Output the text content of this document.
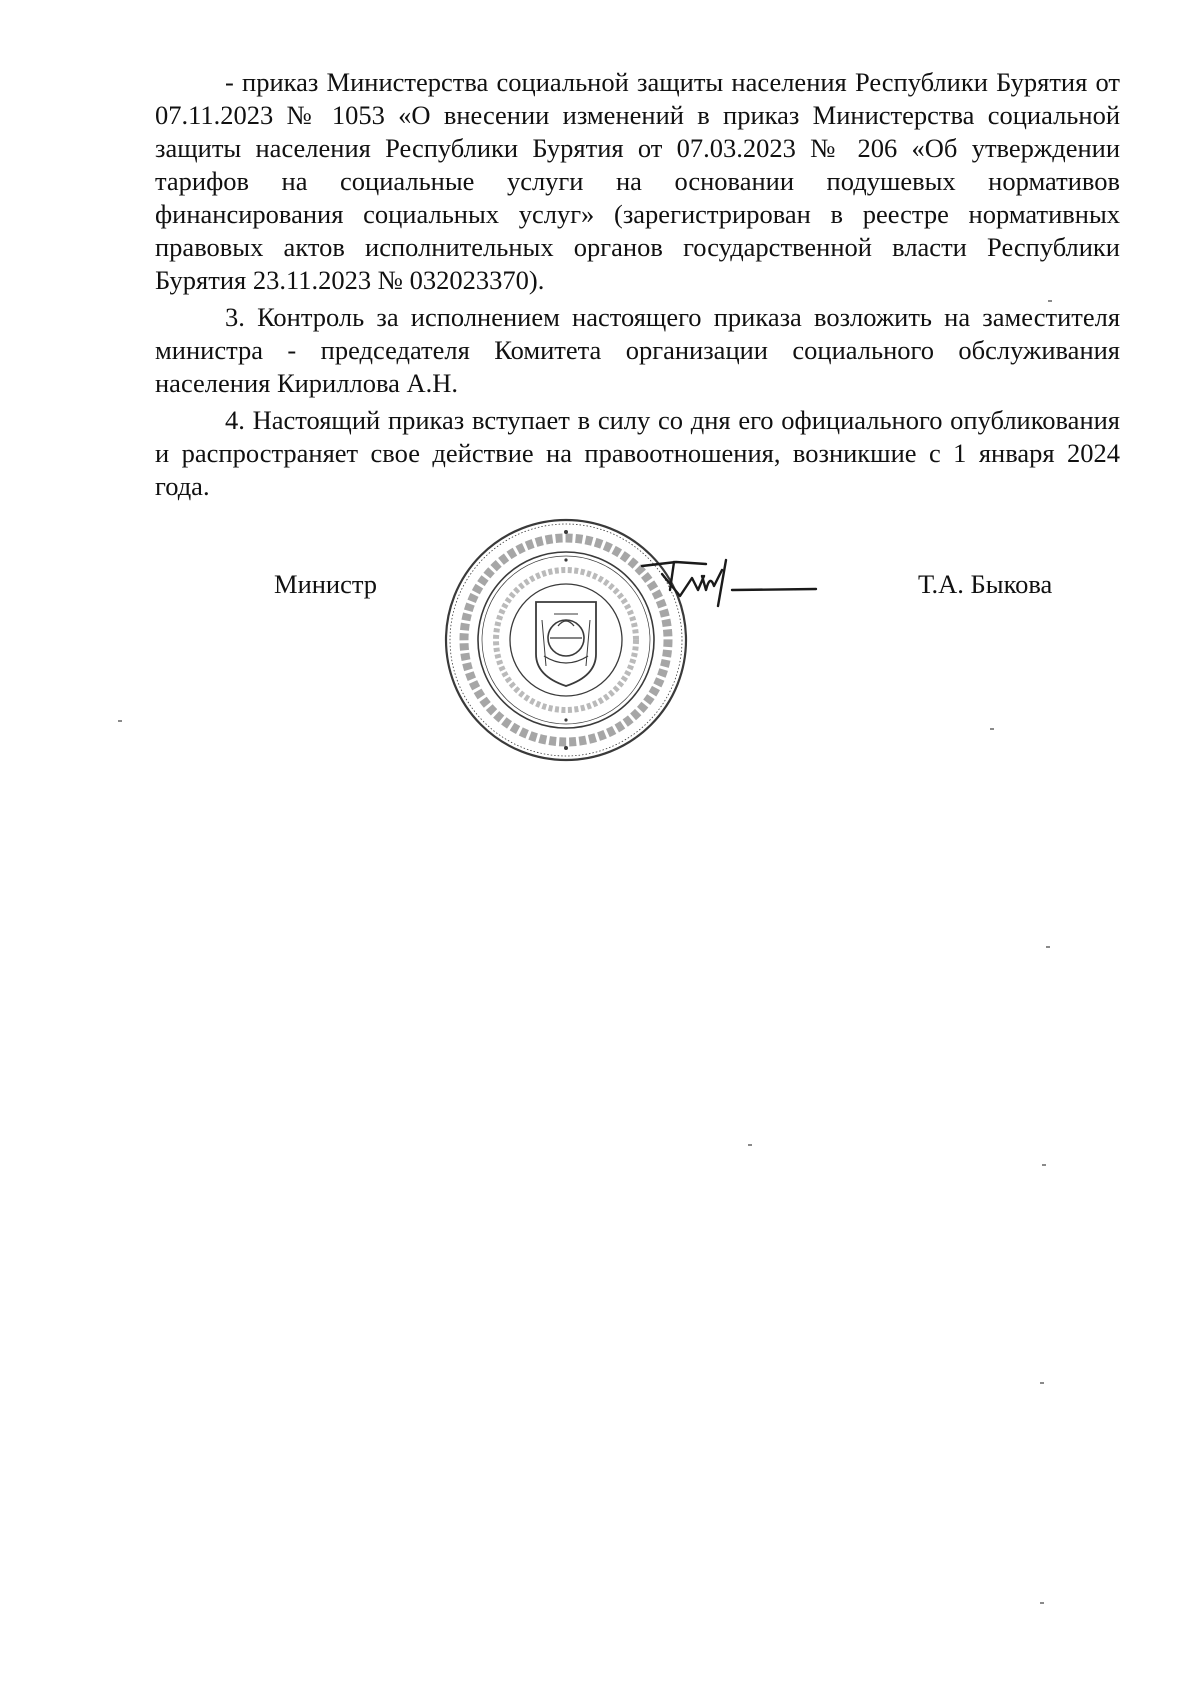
- приказ Министерства социальной защиты населения Республики Бурятия от 07.11.2023 № 1053 «О внесении изменений в приказ Министерства социальной защиты населения Республики Бурятия от 07.03.2023 № 206 «Об утверждении тарифов на социальные услуги на основании подушевых нормативов финансирования социальных услуг» (зарегистрирован в реестре нормативных правовых актов исполнительных органов государственной власти Республики Бурятия 23.11.2023 № 032023370).

3. Контроль за исполнением настоящего приказа возложить на заместителя министра - председателя Комитета организации социального обслуживания населения Кириллова А.Н.

4. Настоящий приказ вступает в силу со дня его официального опубликования и распространяет свое действие на правоотношения, возникшие с 1 января 2024 года.

Министр	Т.А. Быкова
